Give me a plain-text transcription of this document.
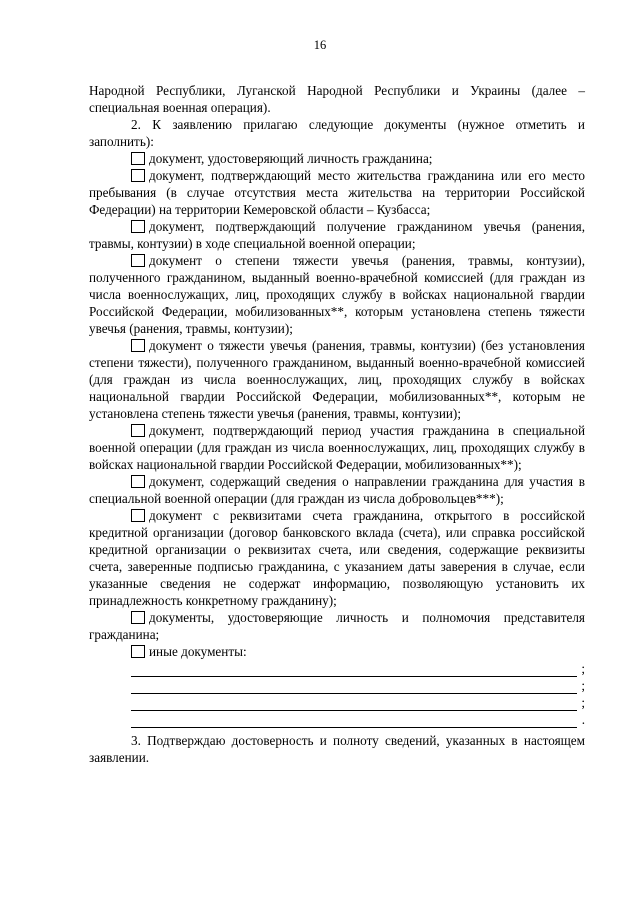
16

Народной Республики, Луганской Народной Республики и Украины (далее – специальная военная операция).

2. К заявлению прилагаю следующие документы (нужное отметить и заполнить):

документ, удостоверяющий личность гражданина;

документ, подтверждающий место жительства гражданина или его место пребывания (в случае отсутствия места жительства на территории Российской Федерации) на территории Кемеровской области – Кузбасса;

документ, подтверждающий получение гражданином увечья (ранения, травмы, контузии) в ходе специальной военной операции;

документ о степени тяжести увечья (ранения, травмы, контузии), полученного гражданином, выданный военно-врачебной комиссией (для граждан из числа военнослужащих, лиц, проходящих службу в войсках национальной гвардии Российской Федерации, мобилизованных**, которым установлена степень тяжести увечья (ранения, травмы, контузии);

документ о тяжести увечья (ранения, травмы, контузии) (без установления степени тяжести), полученного гражданином, выданный военно-врачебной комиссией (для граждан из числа военнослужащих, лиц, проходящих службу в войсках национальной гвардии Российской Федерации, мобилизованных**, которым не установлена степень тяжести увечья (ранения, травмы, контузии);

документ, подтверждающий период участия гражданина в специальной военной операции (для граждан из числа военнослужащих, лиц, проходящих службу в войсках национальной гвардии Российской Федерации, мобилизованных**);

документ, содержащий сведения о направлении гражданина для участия в специальной военной операции (для граждан из числа добровольцев***);

документ с реквизитами счета гражданина, открытого в российской кредитной организации (договор банковского вклада (счета), или справка российской кредитной организации о реквизитах счета, или сведения, содержащие реквизиты счета, заверенные подписью гражданина, с указанием даты заверения в случае, если указанные сведения не содержат информацию, позволяющую установить их принадлежность конкретному гражданину);

документы, удостоверяющие личность и полномочия представителя гражданина;

иные документы:

;
;
;
.

3. Подтверждаю достоверность и полноту сведений, указанных в настоящем заявлении.
